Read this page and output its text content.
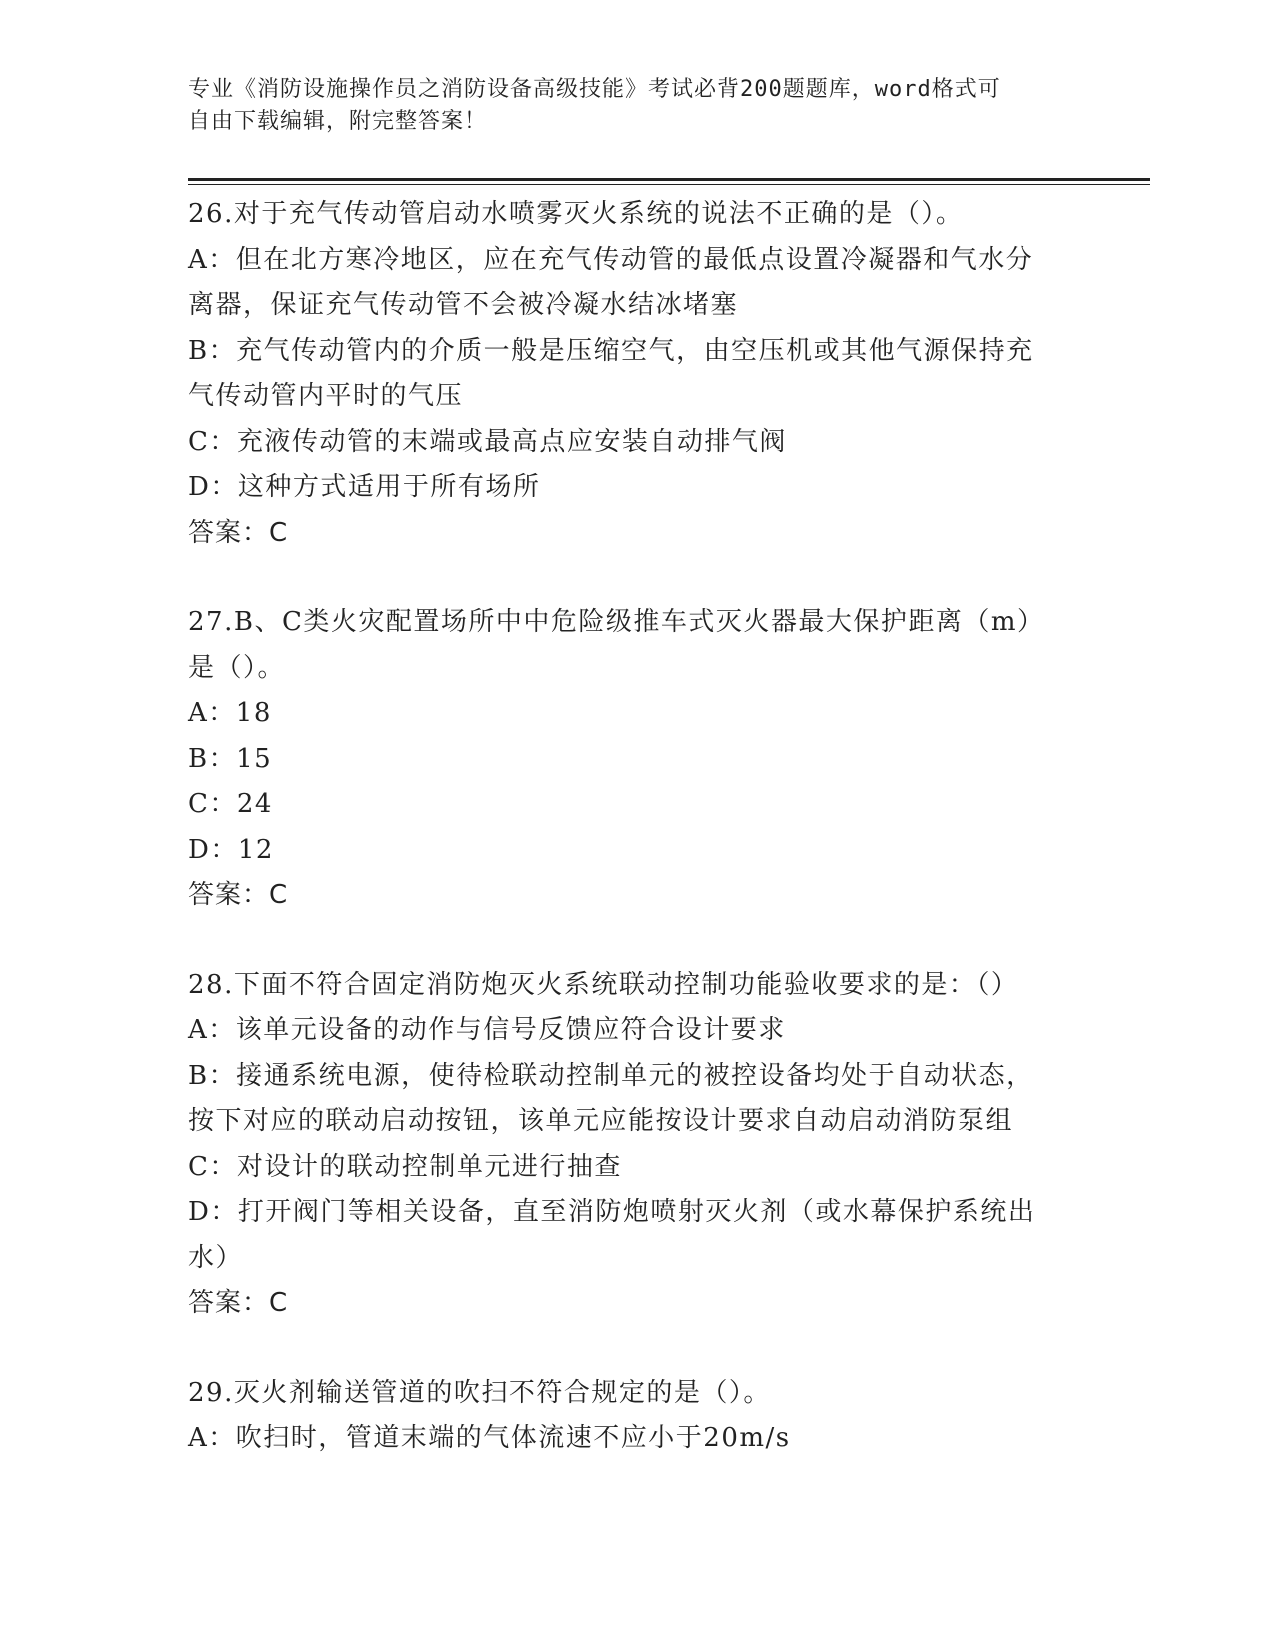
专业《消防设施操作员之消防设备高级技能》考试必背200题题库，word格式可
自由下载编辑，附完整答案！
26.对于充气传动管启动水喷雾灭火系统的说法不正确的是（）。
A：但在北方寒冷地区，应在充气传动管的最低点设置冷凝器和气水分
离器，保证充气传动管不会被冷凝水结冰堵塞
B：充气传动管内的介质一般是压缩空气，由空压机或其他气源保持充
气传动管内平时的气压
C：充液传动管的末端或最高点应安装自动排气阀
D：这种方式适用于所有场所
答案：C
27.B、C类火灾配置场所中中危险级推车式灭火器最大保护距离（m）
是（）。
A：18
B：15
C：24
D：12
答案：C
28.下面不符合固定消防炮灭火系统联动控制功能验收要求的是：（）
A：该单元设备的动作与信号反馈应符合设计要求
B：接通系统电源，使待检联动控制单元的被控设备均处于自动状态，
按下对应的联动启动按钮，该单元应能按设计要求自动启动消防泵组
C：对设计的联动控制单元进行抽查
D：打开阀门等相关设备，直至消防炮喷射灭火剂（或水幕保护系统出
水）
答案：C
29.灭火剂输送管道的吹扫不符合规定的是（）。
A：吹扫时，管道末端的气体流速不应小于20m/s
